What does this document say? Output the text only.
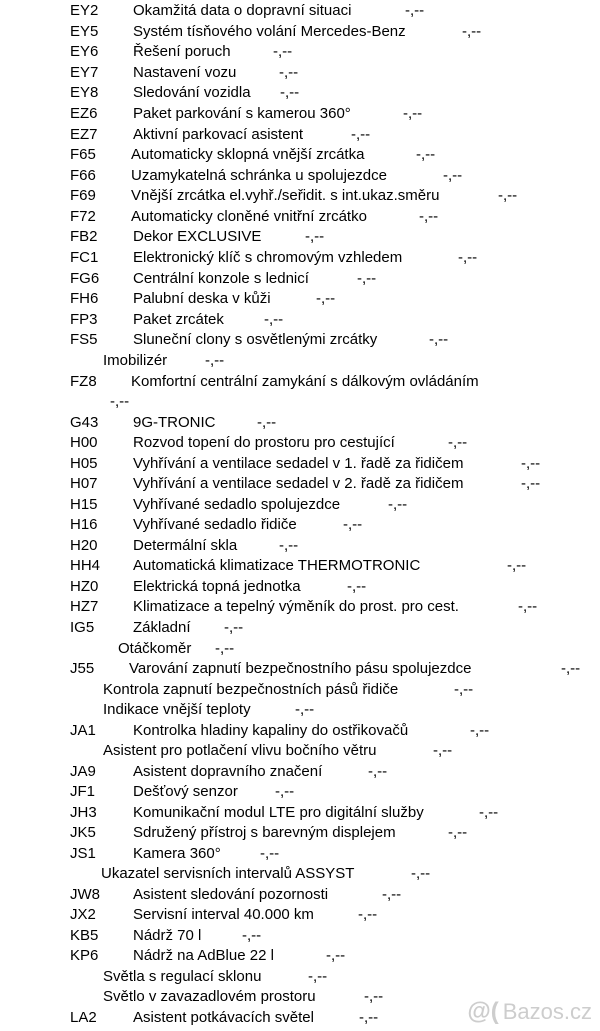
EY2 Okamžitá data o dopravní situaci	-,--
EY5 Systém tísňového volání Mercedes-Benz	-,--
EY6 Řešení poruch	-,--
EY7 Nastavení vozu	-,--
EY8 Sledování vozidla -,--
EZ6 Paket parkování s kamerou 360°	-,--
EZ7 Aktivní parkovací asistent	-,--
F65 Automaticky sklopná vnější zrcátka	-,--
F66 Uzamykatelná schránka u spolujezdce	-,--
F69 Vnější zrcátka el.vyhř./seřidit. s int.ukaz.směru	-,--
F72 Automaticky cloněné vnitřní zrcátko	-,--
FB2 Dekor EXCLUSIVE	-,--
FC1 Elektronický klíč s chromovým vzhledem	-,--
FG6 Centrální konzole s lednicí	-,--
FH6 Palubní deska v kůži	-,--
FP3 Paket zrcátek	-,--
FS5 Sluneční clony s osvětlenými zrcátky	-,--
Imobilizér	-,--
FZ8 Komfortní centrální zamykání s dálkovým ovládáním
-,--
G43 9G-TRONIC	-,--
H00 Rozvod topení do prostoru pro cestující	-,--
H05 Vyhřívání a ventilace sedadel v 1. řadě za řidičem	-,--
H07 Vyhřívání a ventilace sedadel v 2. řadě za řidičem	-,--
H15 Vyhřívané sedadlo spolujezdce	-,--
H16 Vyhřívané sedadlo řidiče	-,--
H20 Determální skla	-,--
HH4 Automatická klimatizace THERMOTRONIC	-,--
HZ0 Elektrická topná jednotka	-,--
HZ7 Klimatizace a tepelný výměník do prost. pro cest.	-,--
IG5	Základní -,--
Otáčkoměr -,--
J55 Varování zapnutí bezpečnostního pásu spolujezdce	-,--
Kontrola zapnutí bezpečnostních pásů řidiče	-,--
Indikace vnější teploty	-,--
JA1 Kontrolka hladiny kapaliny do ostřikovačů	-,--
Asistent pro potlačení vlivu bočního větru	-,--
JA9 Asistent dopravního značení	-,--
JF1	Dešťový senzor -,--
JH3 Komunikační modul LTE pro digitální služby	-,--
JK5 Sdružený přístroj s barevným displejem	-,--
JS1 Kamera 360°	-,--
Ukazatel servisních intervalů ASSYST	-,--
JW8 Asistent sledování pozornosti	-,--
JX2 Servisní interval 40.000 km	-,--
KB5 Nádrž 70 l	-,--
KP6 Nádrž na AdBlue 22 l	-,--
Světla s regulací sklonu	-,--
Světlo v zavazadlovém prostoru	-,--
LA2 Asistent potkávacích světel	-,--	@( Bazos.cz
